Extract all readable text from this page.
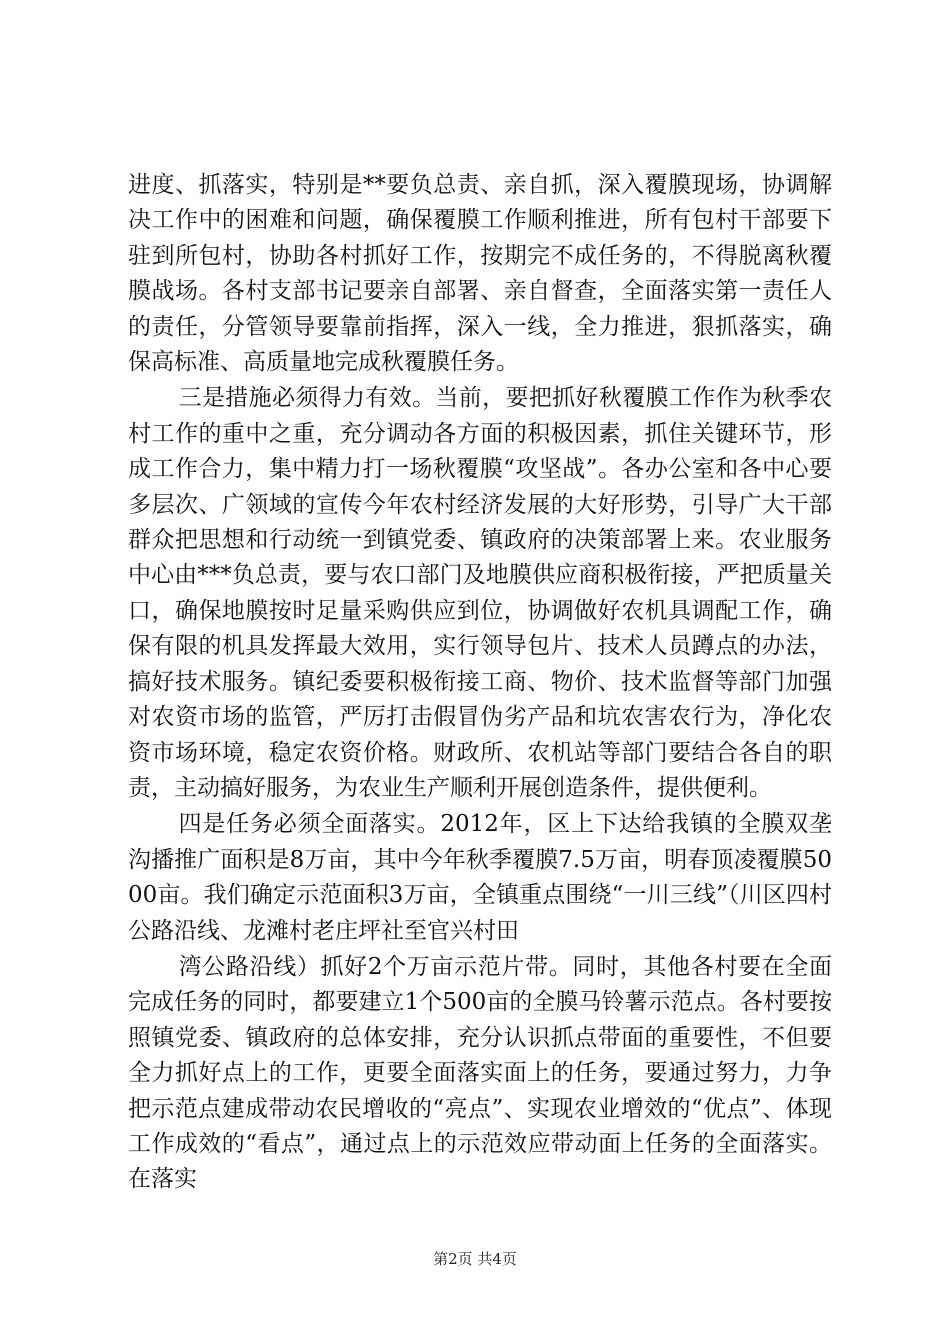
进度、抓落实，特别是**要负总责、亲自抓，深入覆膜现场，协调解决工作中的困难和问题，确保覆膜工作顺利推进，所有包村干部要下驻到所包村，协助各村抓好工作，按期完不成任务的，不得脱离秋覆膜战场。各村支部书记要亲自部署、亲自督查，全面落实第一责任人的责任，分管领导要靠前指挥，深入一线，全力推进，狠抓落实，确保高标准、高质量地完成秋覆膜任务。

三是措施必须得力有效。当前，要把抓好秋覆膜工作作为秋季农村工作的重中之重，充分调动各方面的积极因素，抓住关键环节，形成工作合力，集中精力打一场秋覆膜“攻坚战”。各办公室和各中心要多层次、广领域的宣传今年农村经济发展的大好形势，引导广大干部群众把思想和行动统一到镇党委、镇政府的决策部署上来。农业服务中心由***负总责，要与农口部门及地膜供应商积极衔接，严把质量关口，确保地膜按时足量采购供应到位，协调做好农机具调配工作，确保有限的机具发挥最大效用，实行领导包片、技术人员蹲点的办法，搞好技术服务。镇纪委要积极衔接工商、物价、技术监督等部门加强对农资市场的监管，严厉打击假冒伪劣产品和坑农害农行为，净化农资市场环境，稳定农资价格。财政所、农机站等部门要结合各自的职责，主动搞好服务，为农业生产顺利开展创造条件，提供便利。

四是任务必须全面落实。2012年，区上下达给我镇的全膜双垄沟播推广面积是8万亩，其中今年秋季覆膜7.5万亩，明春顶凌覆膜5000亩。我们确定示范面积3万亩，全镇重点围绕“一川三线”（川区四村公路沿线、龙滩村老庄坪社至官兴村田

湾公路沿线）抓好2个万亩示范片带。同时，其他各村要在全面完成任务的同时，都要建立1个500亩的全膜马铃薯示范点。各村要按照镇党委、镇政府的总体安排，充分认识抓点带面的重要性，不但要全力抓好点上的工作，更要全面落实面上的任务，要通过努力，力争把示范点建成带动农民增收的“亮点”、实现农业增效的“优点”、体现工作成效的“看点”，通过点上的示范效应带动面上任务的全面落实。在落实

第2页 共4页
